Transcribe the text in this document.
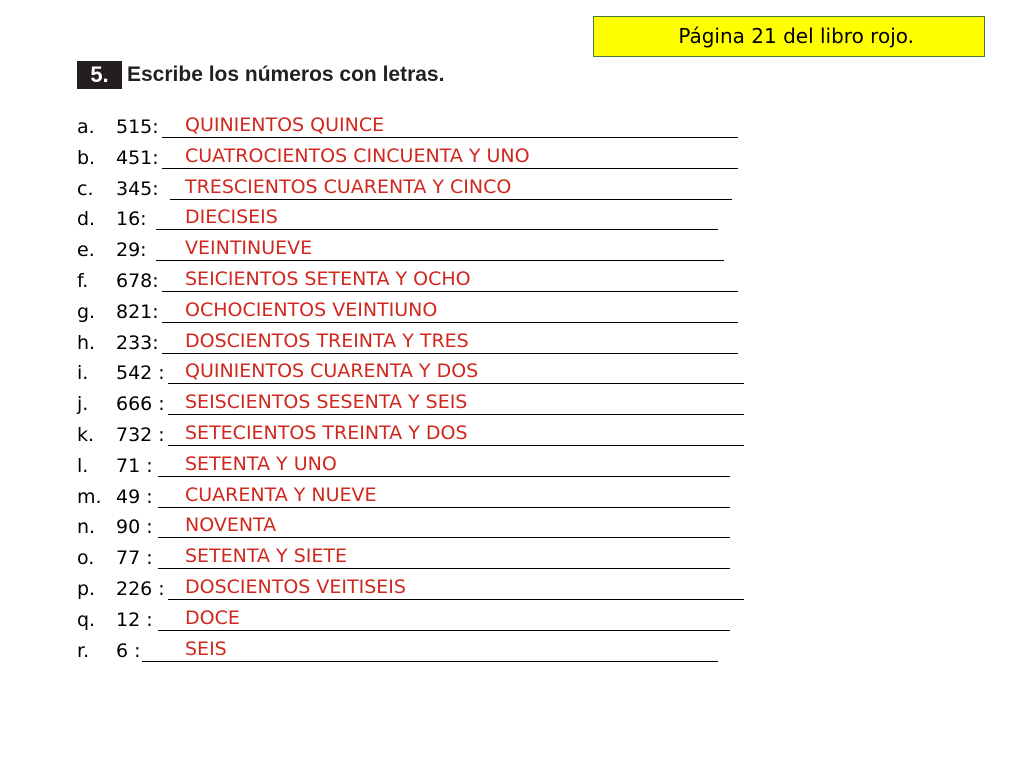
Página 21 del libro rojo.
5. Escribe los números con letras.
a. 515: QUINIENTOS QUINCE
b. 451: CUATROCIENTOS CINCUENTA Y UNO
c. 345: TRESCIENTOS CUARENTA Y CINCO
d. 16: DIECISEIS
e. 29: VEINTINUEVE
f. 678: SEICIENTOS SETENTA Y OCHO
g. 821: OCHOCIENTOS VEINTIUNO
h. 233: DOSCIENTOS TREINTA Y TRES
i. 542 : QUINIENTOS CUARENTA Y DOS
j. 666 : SEISCIENTOS SESENTA Y SEIS
k. 732 : SETECIENTOS TREINTA Y DOS
l. 71 : SETENTA Y UNO
m. 49 : CUARENTA Y NUEVE
n. 90 : NOVENTA
o. 77 : SETENTA Y SIETE
p. 226 : DOSCIENTOS VEITISEIS
q. 12 : DOCE
r. 6 : SEIS
